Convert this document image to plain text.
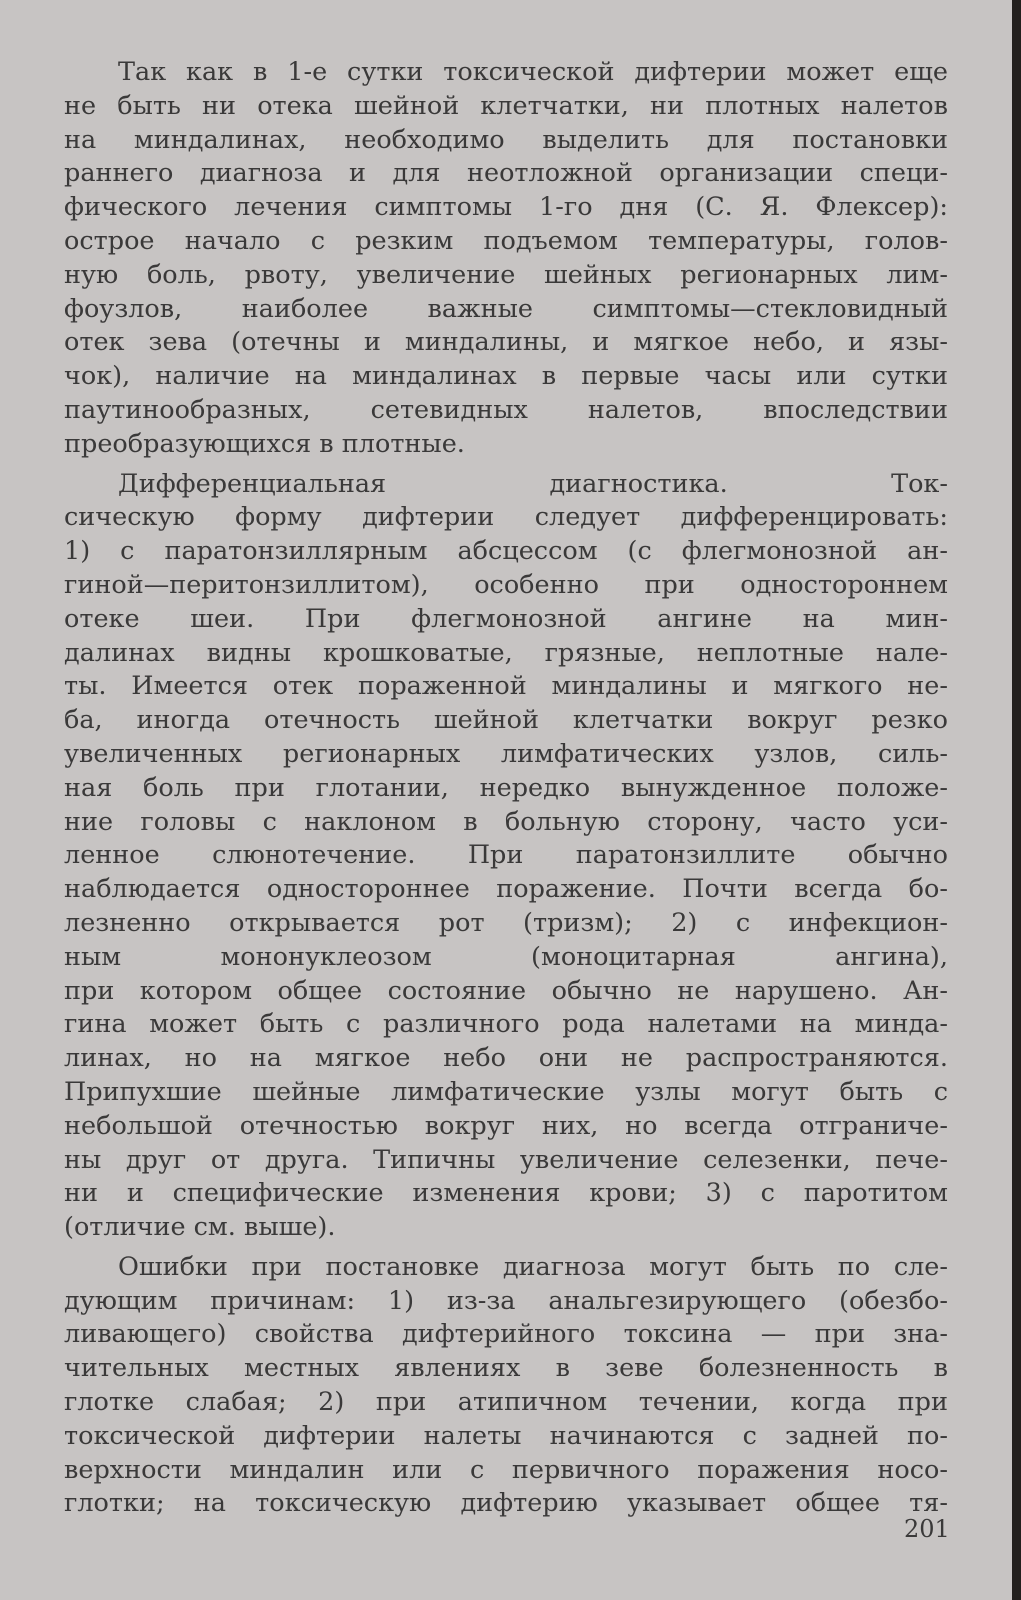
Так как в 1-е сутки токсической дифтерии может еще
не быть ни отека шейной клетчатки, ни плотных налетов
на миндалинах, необходимо выделить для постановки
раннего диагноза и для неотложной организации специ-
фического лечения симптомы 1-го дня (С. Я. Флексер):
острое начало с резким подъемом температуры, голов-
ную боль, рвоту, увеличение шейных регионарных лим-
фоузлов, наиболее важные симптомы—стекловидный
отек зева (отечны и миндалины, и мягкое небо, и язы-
чок), наличие на миндалинах в первые часы или сутки
паутинообразных, сетевидных налетов, впоследствии
преобразующихся в плотные.
Дифференциальная диагностика. Ток-
сическую форму дифтерии следует дифференцировать:
1) с паратонзиллярным абсцессом (с флегмонозной ан-
гиной—перитонзиллитом), особенно при одностороннем
отеке шеи. При флегмонозной ангине на мин-
далинах видны крошковатые, грязные, неплотные нале-
ты. Имеется отек пораженной миндалины и мягкого не-
ба, иногда отечность шейной клетчатки вокруг резко
увеличенных регионарных лимфатических узлов, силь-
ная боль при глотании, нередко вынужденное положе-
ние головы с наклоном в больную сторону, часто уси-
ленное слюнотечение. При паратонзиллите обычно
наблюдается одностороннее поражение. Почти всегда бо-
лезненно открывается рот (тризм); 2) с инфекцион-
ным мононуклеозом (моноцитарная ангина),
при котором общее состояние обычно не нарушено. Ан-
гина может быть с различного рода налетами на минда-
линах, но на мягкое небо они не распространяются.
Припухшие шейные лимфатические узлы могут быть с
небольшой отечностью вокруг них, но всегда отграниче-
ны друг от друга. Типичны увеличение селезенки, пече-
ни и специфические изменения крови; 3) с паротитом
(отличие см. выше).
Ошибки при постановке диагноза могут быть по сле-
дующим причинам: 1) из-за анальгезирующего (обезбо-
ливающего) свойства дифтерийного токсина — при зна-
чительных местных явлениях в зеве болезненность в
глотке слабая; 2) при атипичном течении, когда при
токсической дифтерии налеты начинаются с задней по-
верхности миндалин или с первичного поражения носо-
глотки; на токсическую дифтерию указывает общее тя-
201
